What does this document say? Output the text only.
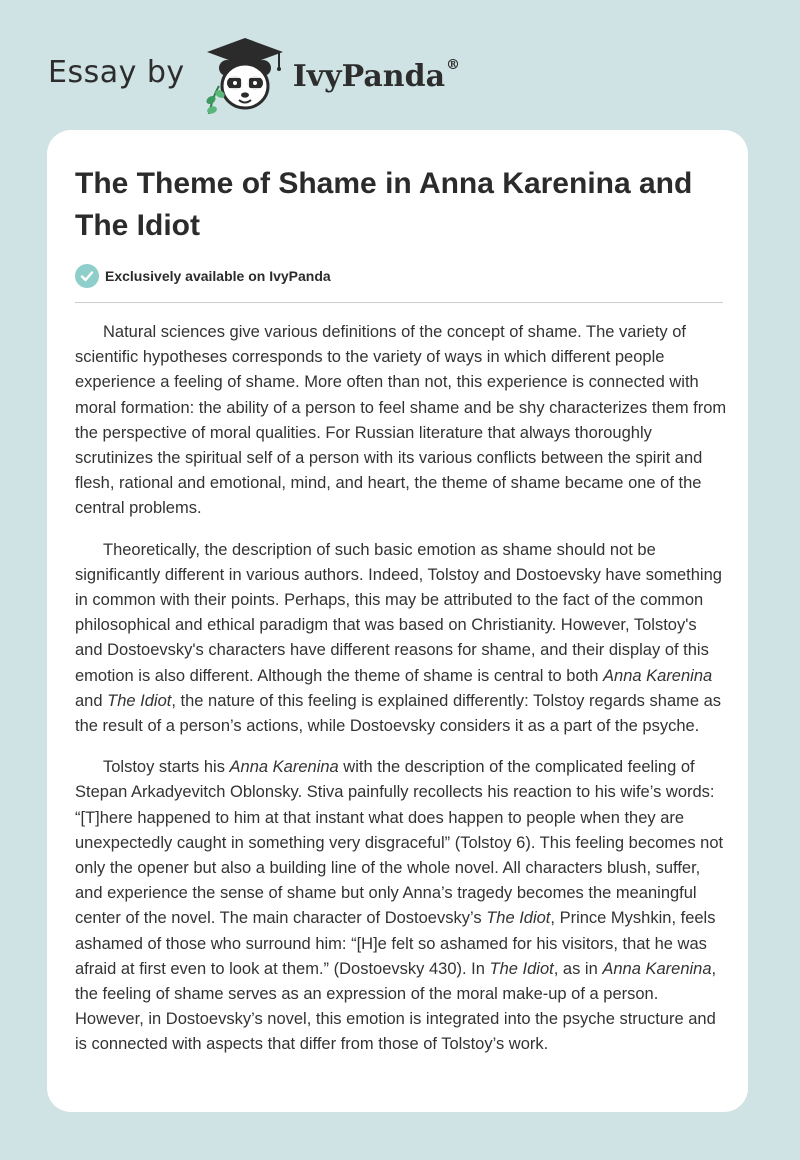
Essay by	IvyPanda®
The Theme of Shame in Anna Karenina and The Idiot
Exclusively available on IvyPanda

Natural sciences give various definitions of the concept of shame. The variety of scientific hypotheses corresponds to the variety of ways in which different people experience a feeling of shame. More often than not, this experience is connected with moral formation: the ability of a person to feel shame and be shy characterizes them from the perspective of moral qualities. For Russian literature that always thoroughly scrutinizes the spiritual self of a person with its various conflicts between the spirit and flesh, rational and emotional, mind, and heart, the theme of shame became one of the central problems.

Theoretically, the description of such basic emotion as shame should not be significantly different in various authors. Indeed, Tolstoy and Dostoevsky have something in common with their points. Perhaps, this may be attributed to the fact of the common philosophical and ethical paradigm that was based on Christianity. However, Tolstoy's and Dostoevsky's characters have different reasons for shame, and their display of this emotion is also different. Although the theme of shame is central to both Anna Karenina and The Idiot, the nature of this feeling is explained differently: Tolstoy regards shame as the result of a person’s actions, while Dostoevsky considers it as a part of the psyche.

Tolstoy starts his Anna Karenina with the description of the complicated feeling of Stepan Arkadyevitch Oblonsky. Stiva painfully recollects his reaction to his wife’s words: “[T]here happened to him at that instant what does happen to people when they are unexpectedly caught in something very disgraceful” (Tolstoy 6). This feeling becomes not only the opener but also a building line of the whole novel. All characters blush, suffer, and experience the sense of shame but only Anna’s tragedy becomes the meaningful center of the novel. The main character of Dostoevsky’s The Idiot, Prince Myshkin, feels ashamed of those who surround him: “[H]e felt so ashamed for his visitors, that he was afraid at first even to look at them.” (Dostoevsky 430). In The Idiot, as in Anna Karenina, the feeling of shame serves as an expression of the moral make-up of a person. However, in Dostoevsky’s novel, this emotion is integrated into the psyche structure and is connected with aspects that differ from those of Tolstoy’s work.
